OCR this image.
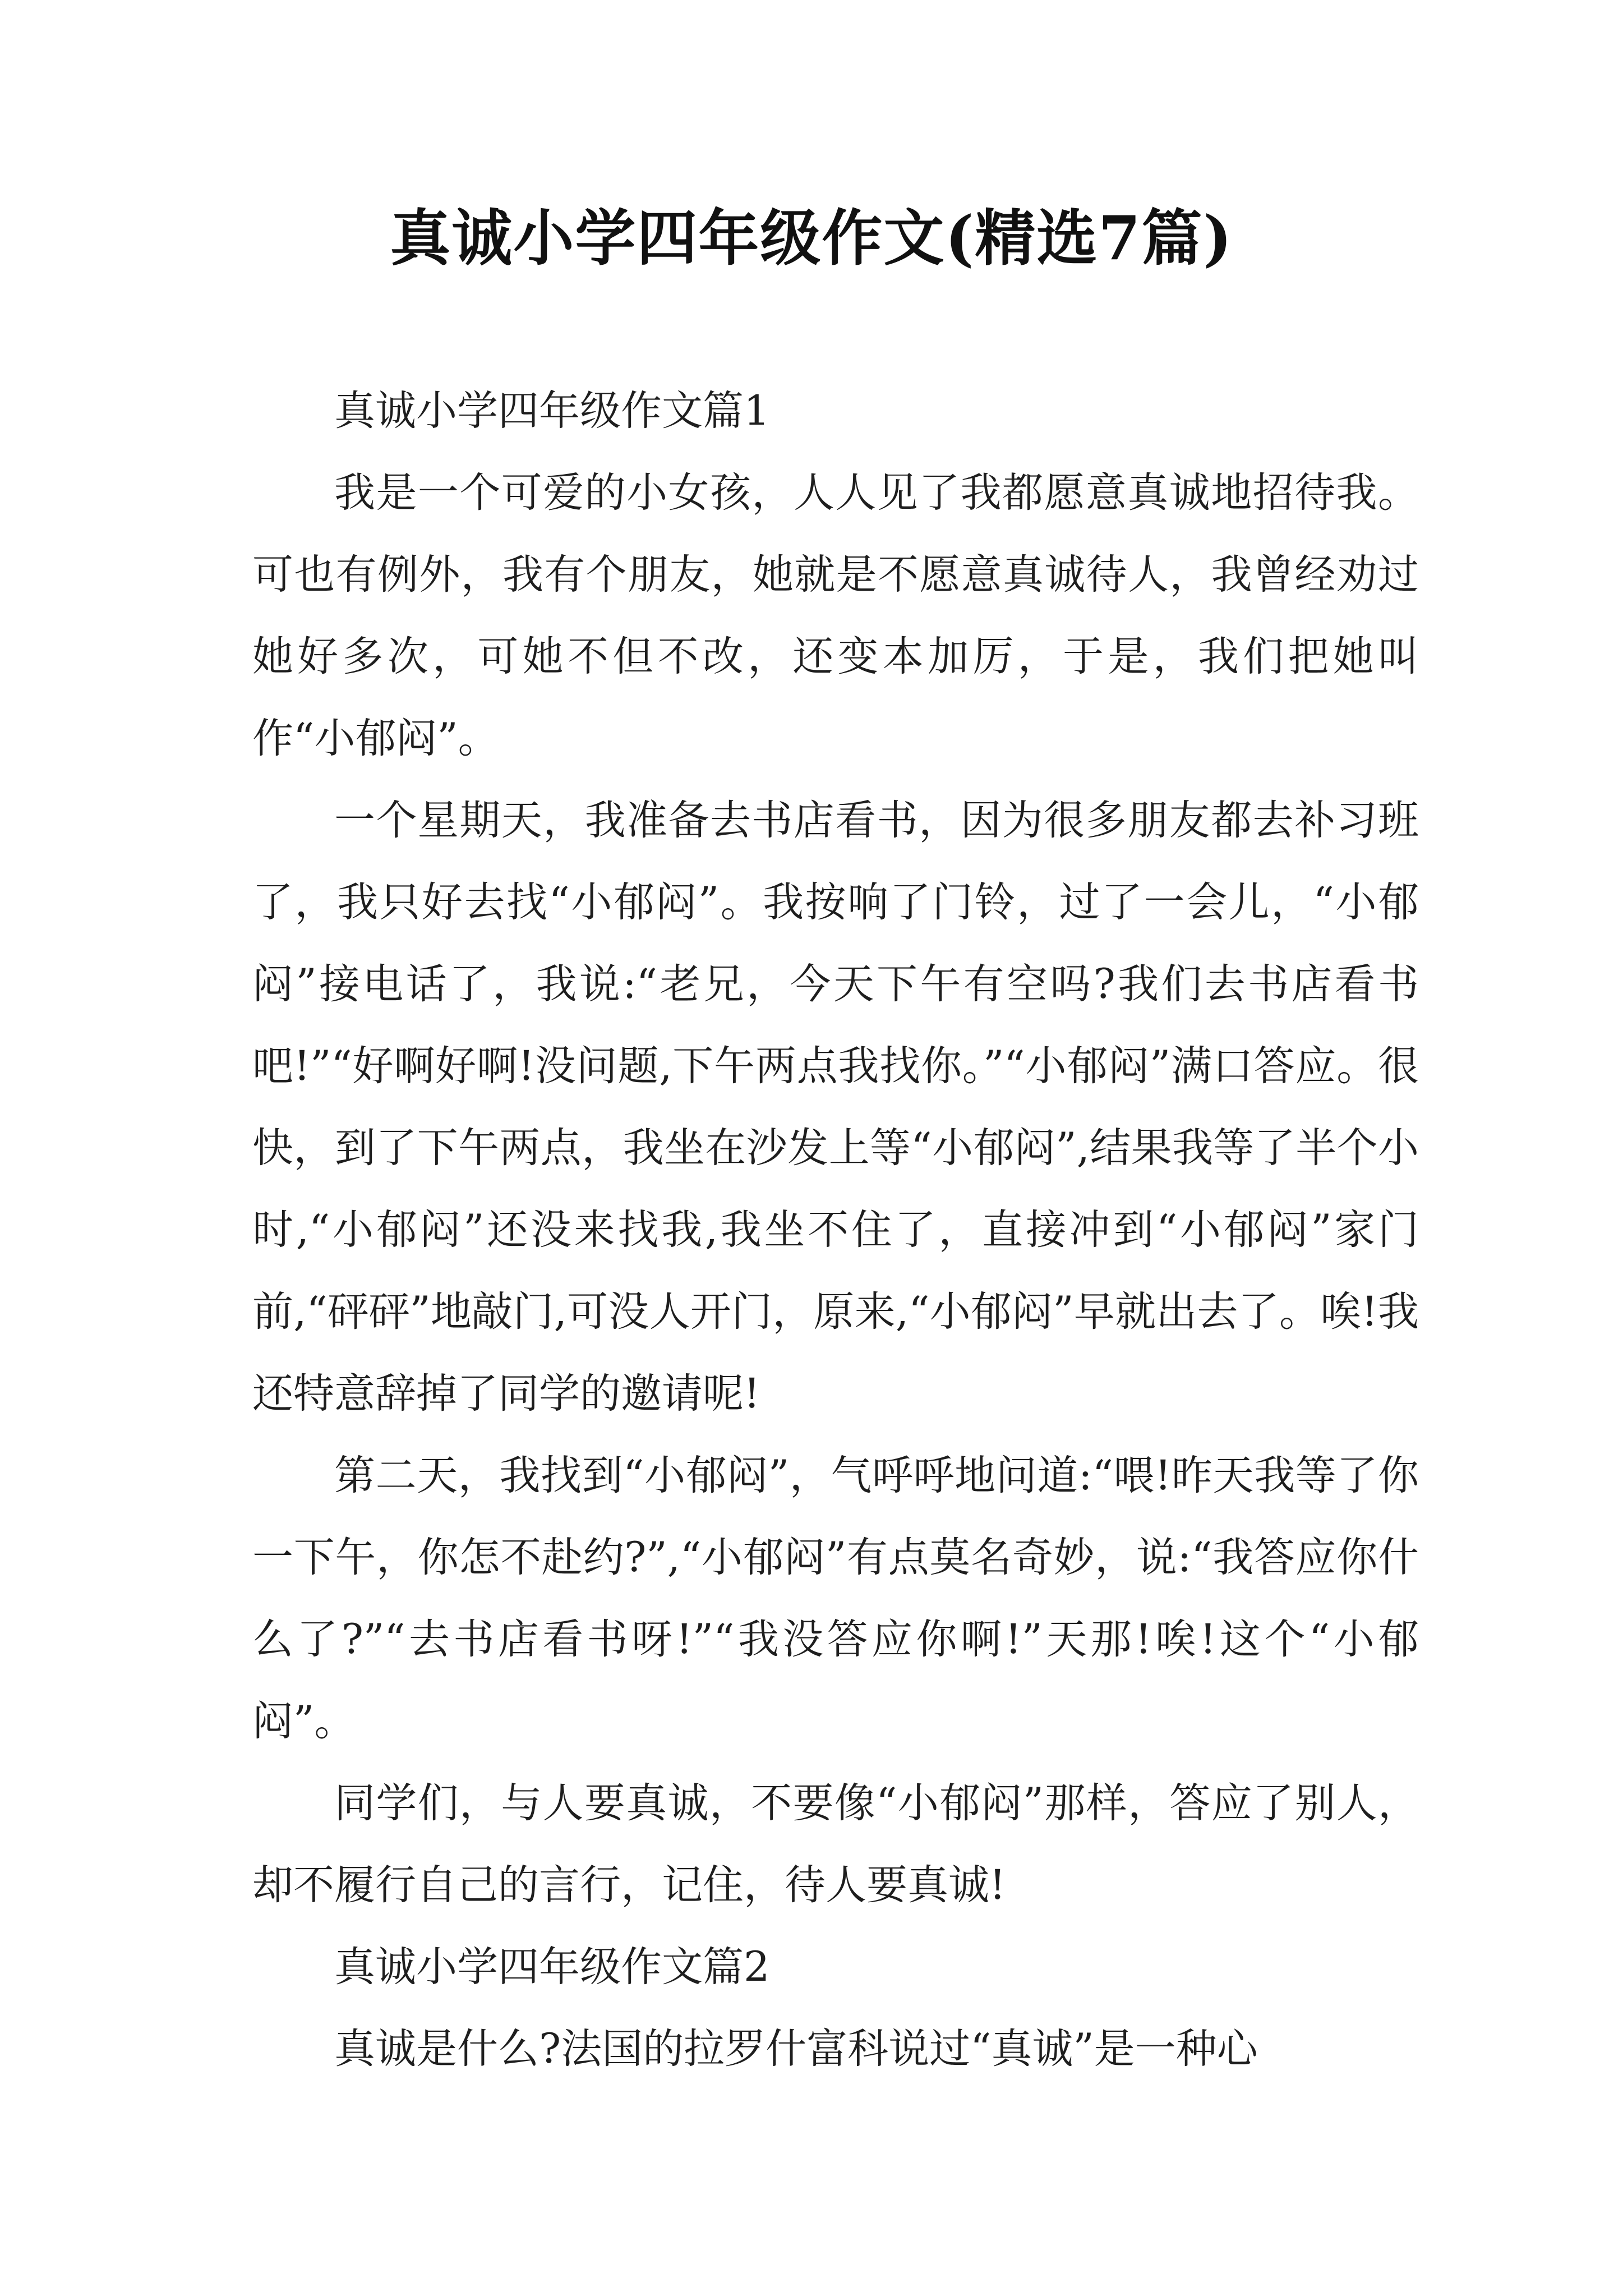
真诚小学四年级作文(精选7篇)

真诚小学四年级作文篇1

我是一个可爱的小女孩，人人见了我都愿意真诚地招待我。可也有例外，我有个朋友，她就是不愿意真诚待人，我曾经劝过她好多次，可她不但不改，还变本加厉，于是，我们把她叫作“小郁闷”。

一个星期天，我准备去书店看书，因为很多朋友都去补习班了，我只好去找“小郁闷”。我按响了门铃，过了一会儿，“小郁闷”接电话了，我说:“老兄，今天下午有空吗?我们去书店看书吧!”“好啊好啊!没问题,下午两点我找你。”“小郁闷”满口答应。很快，到了下午两点，我坐在沙发上等“小郁闷”,结果我等了半个小时,“小郁闷”还没来找我,我坐不住了，直接冲到“小郁闷”家门前,“砰砰”地敲门,可没人开门，原来,“小郁闷”早就出去了。唉!我还特意辞掉了同学的邀请呢!

第二天，我找到“小郁闷”，气呼呼地问道:“喂!昨天我等了你一下午，你怎不赴约?”,“小郁闷”有点莫名奇妙，说:“我答应你什么了?”“去书店看书呀!”“我没答应你啊!”天那!唉!这个“小郁闷”。

同学们，与人要真诚，不要像“小郁闷”那样，答应了别人，却不履行自己的言行，记住，待人要真诚!

真诚小学四年级作文篇2

真诚是什么?法国的拉罗什富科说过“真诚”是一种心
